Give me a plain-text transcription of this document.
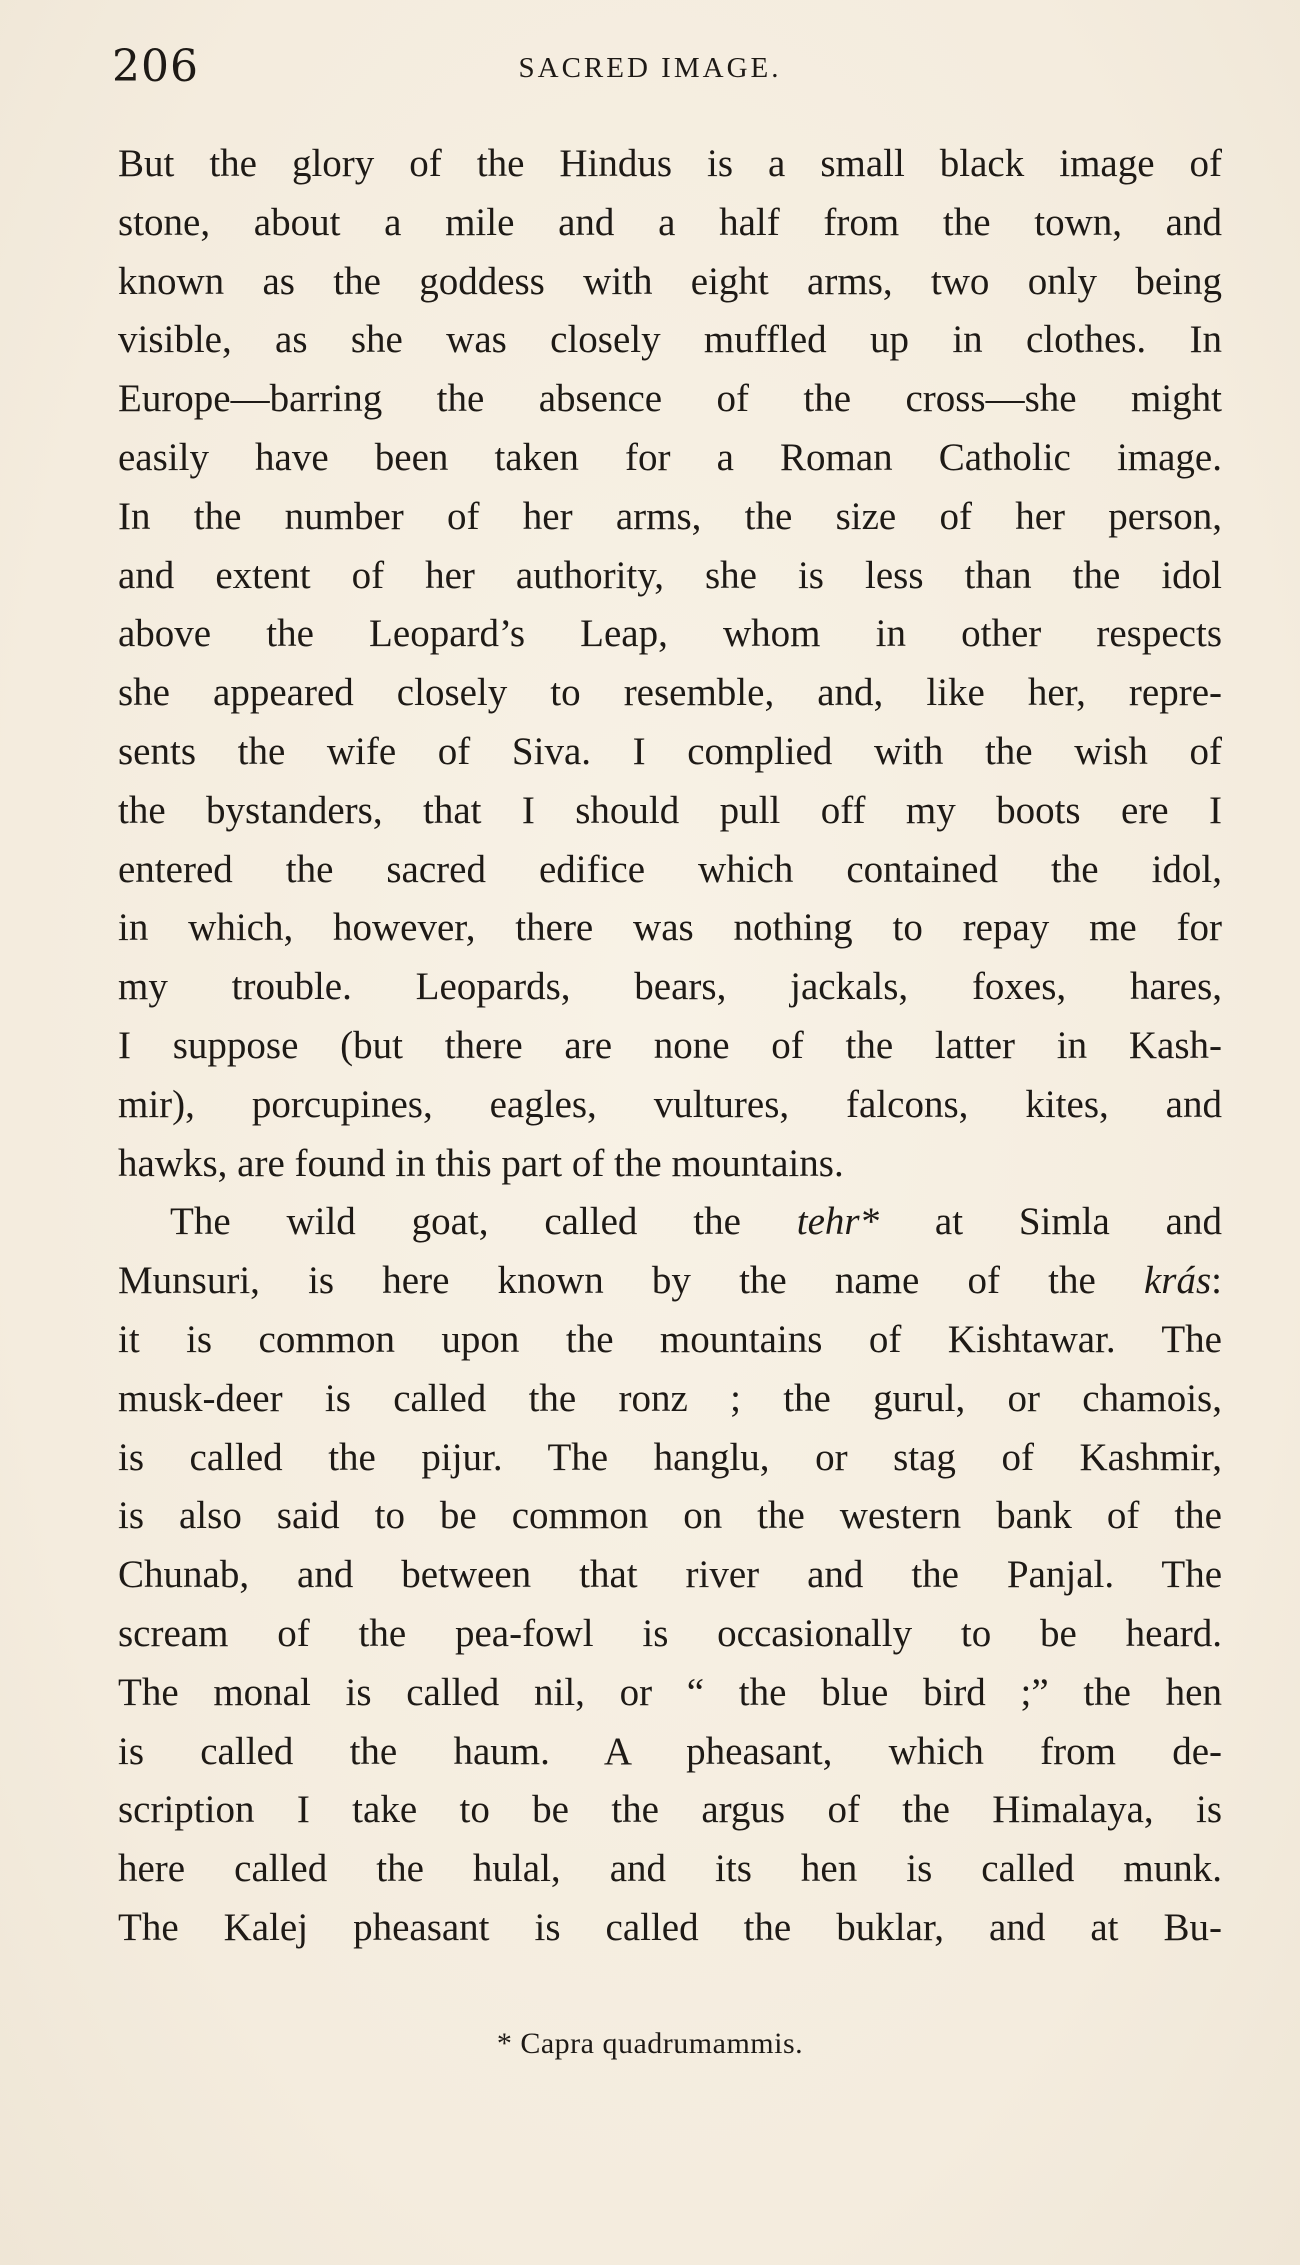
206	SACRED IMAGE.
But the glory of the Hindus is a small black image of
stone, about a mile and a half from the town, and
known as the goddess with eight arms, two only being
visible, as she was closely muffled up in clothes. In
Europe—barring the absence of the cross—she might
easily have been taken for a Roman Catholic image.
In the number of her arms, the size of her person,
and extent of her authority, she is less than the idol
above the Leopard’s Leap, whom in other respects
she appeared closely to resemble, and, like her, repre-
sents the wife of Siva. I complied with the wish of
the bystanders, that I should pull off my boots ere I
entered the sacred edifice which contained the idol,
in which, however, there was nothing to repay me for
my trouble. Leopards, bears, jackals, foxes, hares,
I suppose (but there are none of the latter in Kash-
mir), porcupines, eagles, vultures, falcons, kites, and
hawks, are found in this part of the mountains.
The wild goat, called the tehr* at Simla and
Munsuri, is here known by the name of the krás:
it is common upon the mountains of Kishtawar. The
musk-deer is called the ronz ; the gurul, or chamois,
is called the pijur. The hanglu, or stag of Kashmir,
is also said to be common on the western bank of the
Chunab, and between that river and the Panjal. The
scream of the pea-fowl is occasionally to be heard.
The monal is called nil, or “ the blue bird ;” the hen
is called the haum. A pheasant, which from de-
scription I take to be the argus of the Himalaya, is
here called the hulal, and its hen is called munk.
The Kalej pheasant is called the buklar, and at Bu-
* Capra quadrumammis.
